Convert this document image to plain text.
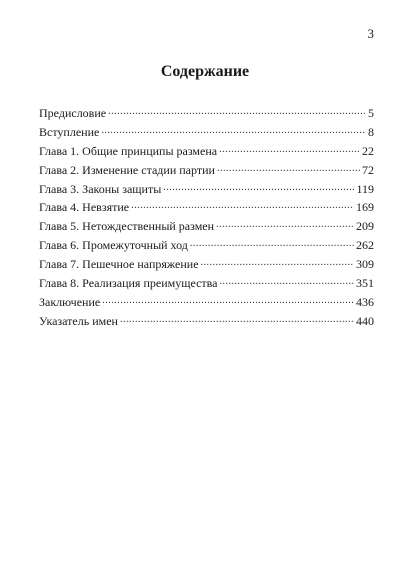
3
Содержание
Предисловие .....	5
Вступление .....	8
Глава 1. Общие принципы размена .....	22
Глава 2. Изменение стадии партии .....	72
Глава 3. Законы защиты .....	119
Глава 4. Невзятие .....	169
Глава 5. Нетождественный размен .....	209
Глава 6. Промежуточный ход .....	262
Глава 7. Пешечное напряжение .....	309
Глава 8. Реализация преимущества .....	351
Заключение .....	436
Указатель имен .....	440
